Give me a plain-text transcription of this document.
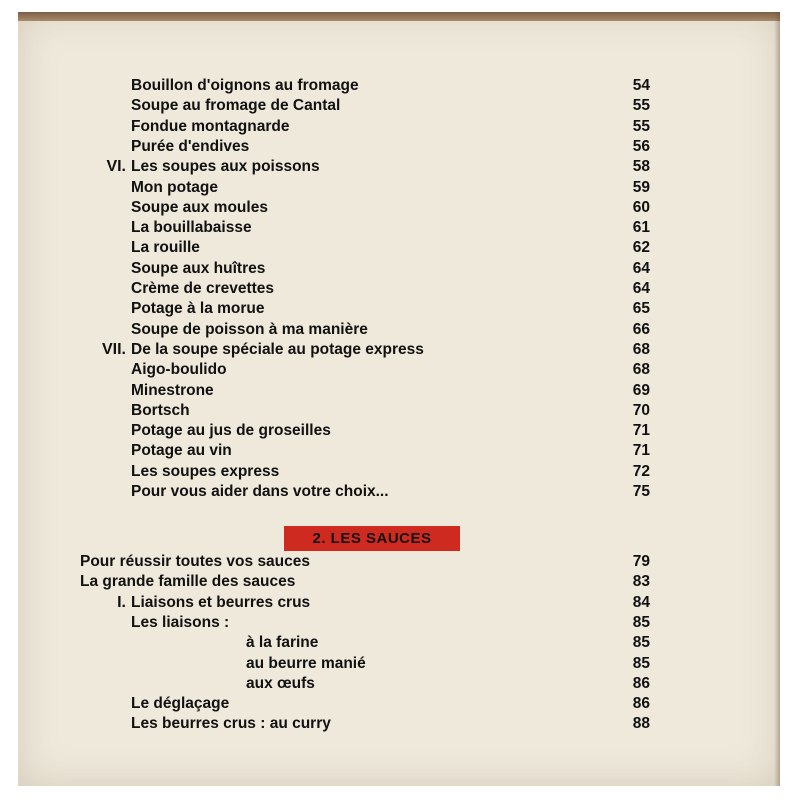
Bouillon d'oignons au fromage	54
Soupe au fromage de Cantal	55
Fondue montagnarde	55
Purée d'endives	56
VI. Les soupes aux poissons	58
Mon potage	59
Soupe aux moules	60
La bouillabaisse	61
La rouille	62
Soupe aux huîtres	64
Crème de crevettes	64
Potage à la morue	65
Soupe de poisson à ma manière	66
VII. De la soupe spéciale au potage express	68
Aigo-boulido	68
Minestrone	69
Bortsch	70
Potage au jus de groseilles	71
Potage au vin	71
Les soupes express	72
Pour vous aider dans votre choix...	75
Pour réussir toutes vos sauces	79
La grande famille des sauces	83
I. Liaisons et beurres crus	84
Les liaisons :	85
à la farine	85
au beurre manié	85
aux œufs	86
Le déglaçage	86
Les beurres crus : au curry	88
2. LES SAUCES
